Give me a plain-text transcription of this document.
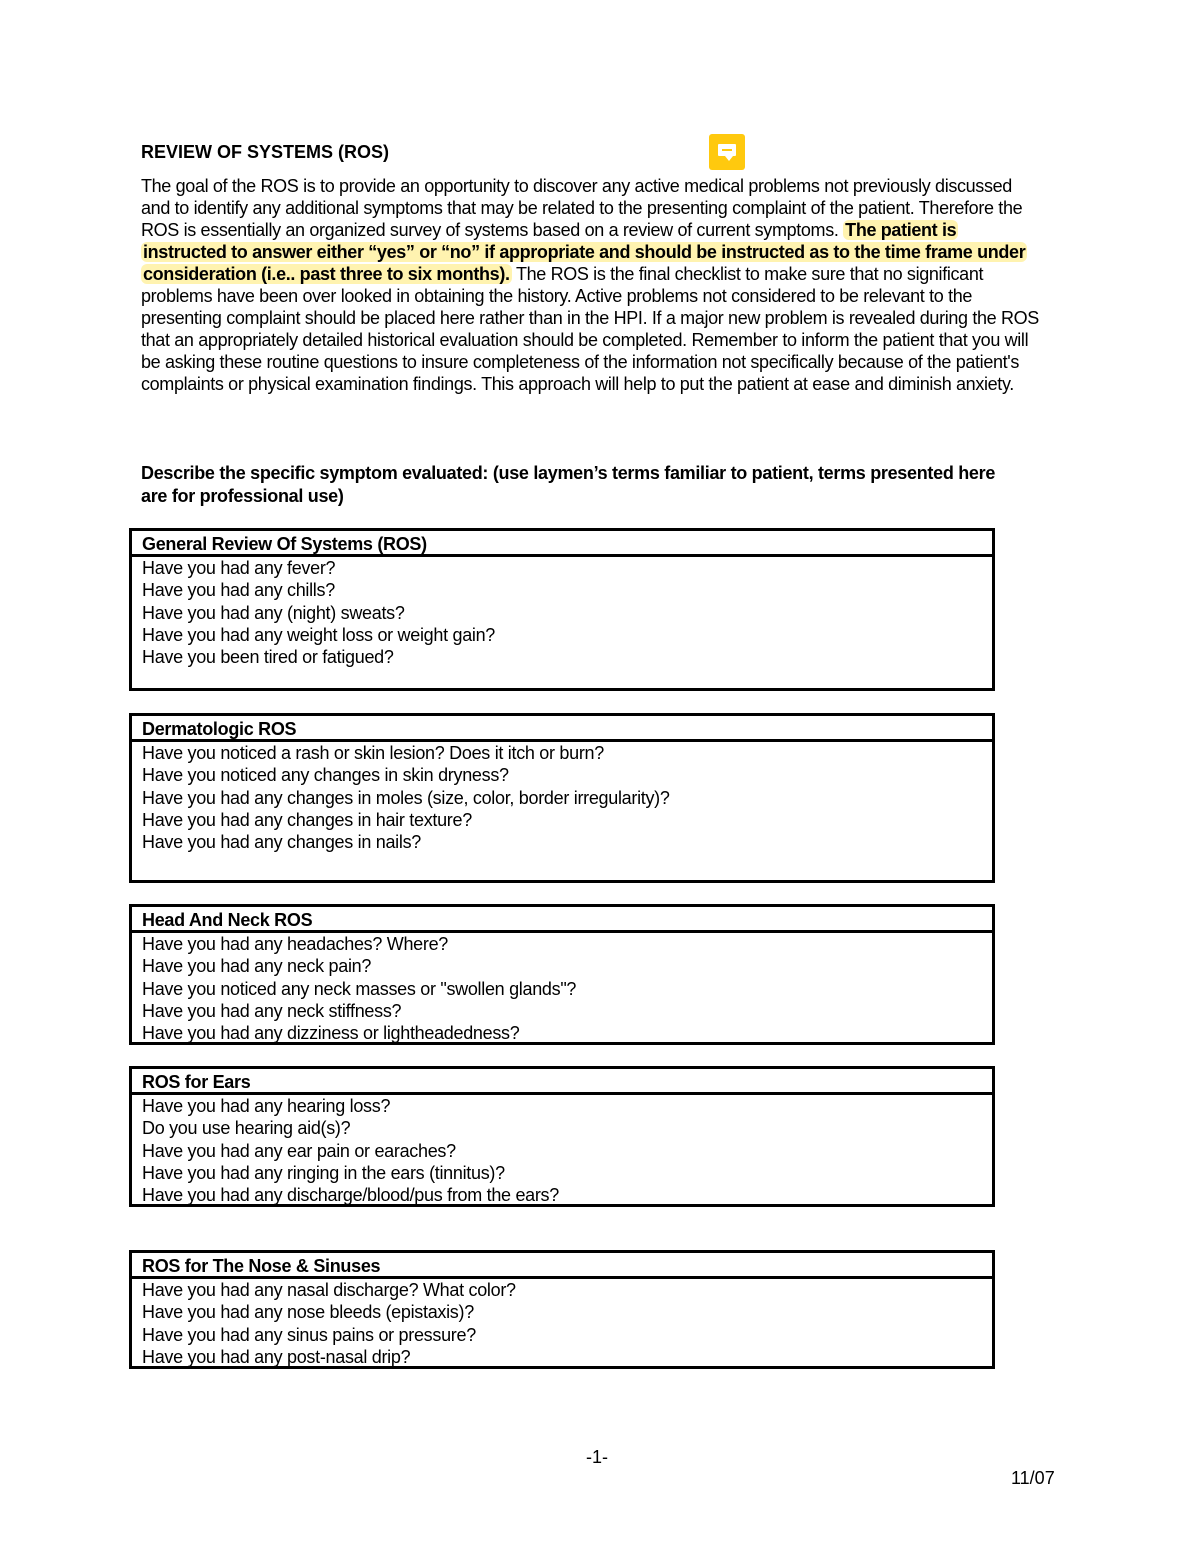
REVIEW OF SYSTEMS (ROS)

The goal of the ROS is to provide an opportunity to discover any active medical problems not previously discussed and to identify any additional symptoms that may be related to the presenting complaint of the patient. Therefore the ROS is essentially an organized survey of systems based on a review of current symptoms. The patient is instructed to answer either “yes” or “no” if appropriate and should be instructed as to the time frame under consideration (i.e.. past three to six months). The ROS is the final checklist to make sure that no significant problems have been over looked in obtaining the history. Active problems not considered to be relevant to the presenting complaint should be placed here rather than in the HPI. If a major new problem is revealed during the ROS that an appropriately detailed historical evaluation should be completed. Remember to inform the patient that you will be asking these routine questions to insure completeness of the information not specifically because of the patient's complaints or physical examination findings. This approach will help to put the patient at ease and diminish anxiety.

Describe the specific symptom evaluated: (use laymen’s terms familiar to patient, terms presented here are for professional use)

General Review Of Systems (ROS)
Have you had any fever?
Have you had any chills?
Have you had any (night) sweats?
Have you had any weight loss or weight gain?
Have you been tired or fatigued?
Dermatologic ROS
Have you noticed a rash or skin lesion? Does it itch or burn?
Have you noticed any changes in skin dryness?
Have you had any changes in moles (size, color, border irregularity)?
Have you had any changes in hair texture?
Have you had any changes in nails?
Head And Neck ROS
Have you had any headaches? Where?
Have you had any neck pain?
Have you noticed any neck masses or "swollen glands"?
Have you had any neck stiffness?
Have you had any dizziness or lightheadedness?
ROS for Ears
Have you had any hearing loss?
Do you use hearing aid(s)?
Have you had any ear pain or earaches?
Have you had any ringing in the ears (tinnitus)?
Have you had any discharge/blood/pus from the ears?
ROS for The Nose & Sinuses
Have you had any nasal discharge? What color?
Have you had any nose bleeds (epistaxis)?
Have you had any sinus pains or pressure?
Have you had any post-nasal drip?
-1-
11/07
